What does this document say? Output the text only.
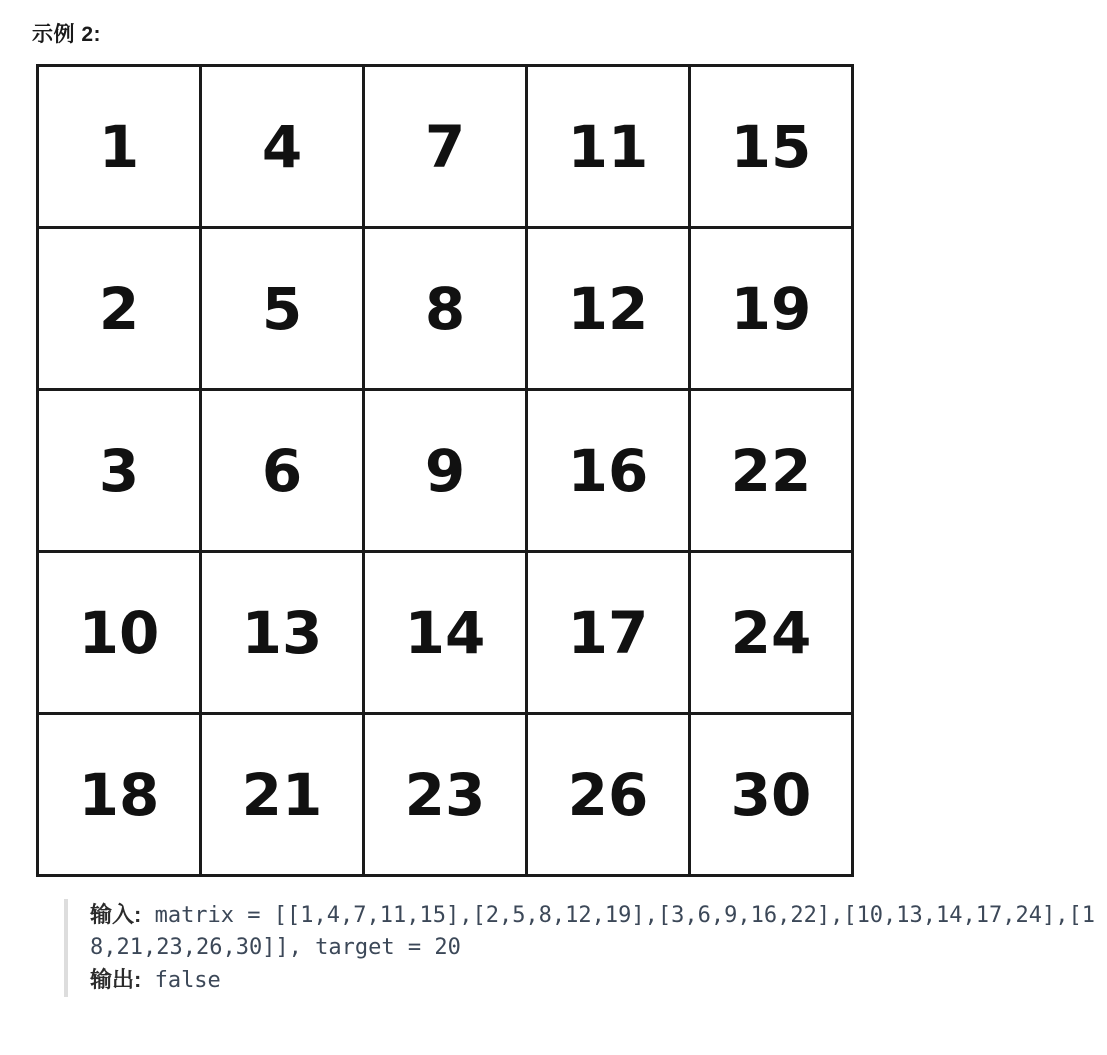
示例 2:
1	4	7	11	15
2	5	8	12	19
3	6	9	16	22
10	13	14	17	24
18	21	23	26	30
输入: matrix = [[1,4,7,11,15],[2,5,8,12,19],[3,6,9,16,22],[10,13,14,17,24],[18,21,23,26,30]], target = 20
输出: false
